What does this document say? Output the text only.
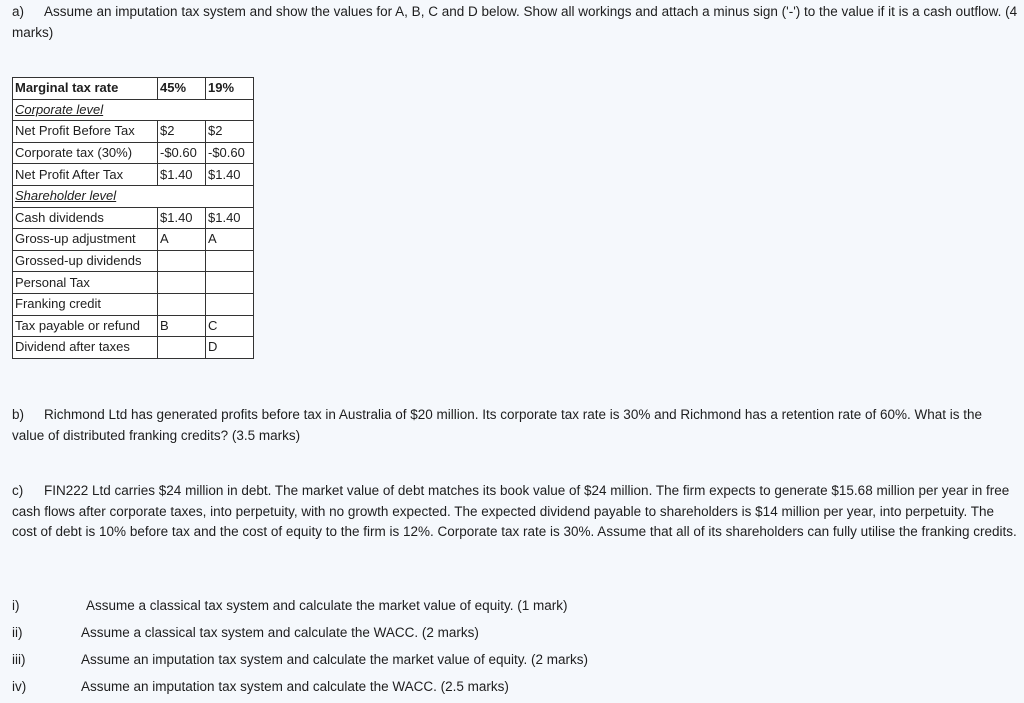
a) Assume an imputation tax system and show the values for A, B, C and D below. Show all workings and attach a minus sign ('-') to the value if it is a cash outflow. (4 marks)
Marginal tax rate	45%	19%
Corporate level		
Net Profit Before Tax	$2	$2
Corporate tax (30%)	-$0.60	-$0.60
Net Profit After Tax	$1.40	$1.40
Shareholder level		
Cash dividends	$1.40	$1.40
Gross-up adjustment	A	A
Grossed-up dividends		
Personal Tax		
Franking credit		
Tax payable or refund	B	C
Dividend after taxes		D
b) Richmond Ltd has generated profits before tax in Australia of $20 million. Its corporate tax rate is 30% and Richmond has a retention rate of 60%. What is the value of distributed franking credits? (3.5 marks)
c) FIN222 Ltd carries $24 million in debt. The market value of debt matches its book value of $24 million. The firm expects to generate $15.68 million per year in free cash flows after corporate taxes, into perpetuity, with no growth expected. The expected dividend payable to shareholders is $14 million per year, into perpetuity. The cost of debt is 10% before tax and the cost of equity to the firm is 12%. Corporate tax rate is 30%. Assume that all of its shareholders can fully utilise the franking credits.
i)	Assume a classical tax system and calculate the market value of equity. (1 mark)
ii)	Assume a classical tax system and calculate the WACC. (2 marks)
iii)	Assume an imputation tax system and calculate the market value of equity. (2 marks)
iv)	Assume an imputation tax system and calculate the WACC. (2.5 marks)
